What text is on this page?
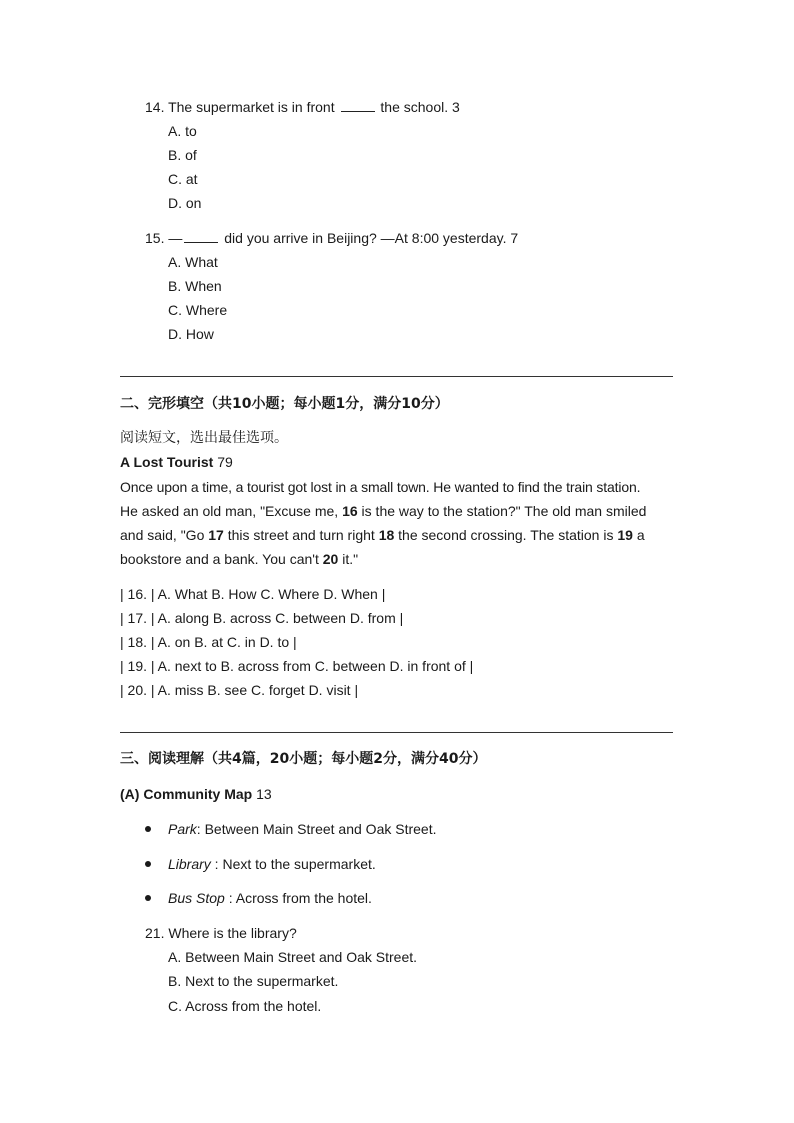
14. The supermarket is in front	the school. 3
A. to
B. of
C. at
D. on
15. —	did you arrive in Beijing? —At 8:00 yesterday. 7
A. What
B. When
C. Where
D. How
二、完形填空（共10小题；每小题1分，满分10分）
阅读短文，选出最佳选项。
A Lost Tourist 79
Once upon a time, a tourist got lost in a small town. He wanted to find the train station.
He asked an old man, "Excuse me, 16 is the way to the station?" The old man smiled
and said, "Go 17 this street and turn right 18 the second crossing. The station is 19 a
bookstore and a bank. You can't 20 it."
| 16. | A. What B. How C. Where D. When |
| 17. | A. along B. across C. between D. from |
| 18. | A. on B. at C. in D. to |
| 19. | A. next to B. across from C. between D. in front of |
| 20. | A. miss B. see C. forget D. visit |
三、阅读理解（共4篇，20小题；每小题2分，满分40分）
(A) Community Map 13
Park: Between Main Street and Oak Street.
Library : Next to the supermarket.
Bus Stop : Across from the hotel.
21. Where is the library?
A. Between Main Street and Oak Street.
B. Next to the supermarket.
C. Across from the hotel.
